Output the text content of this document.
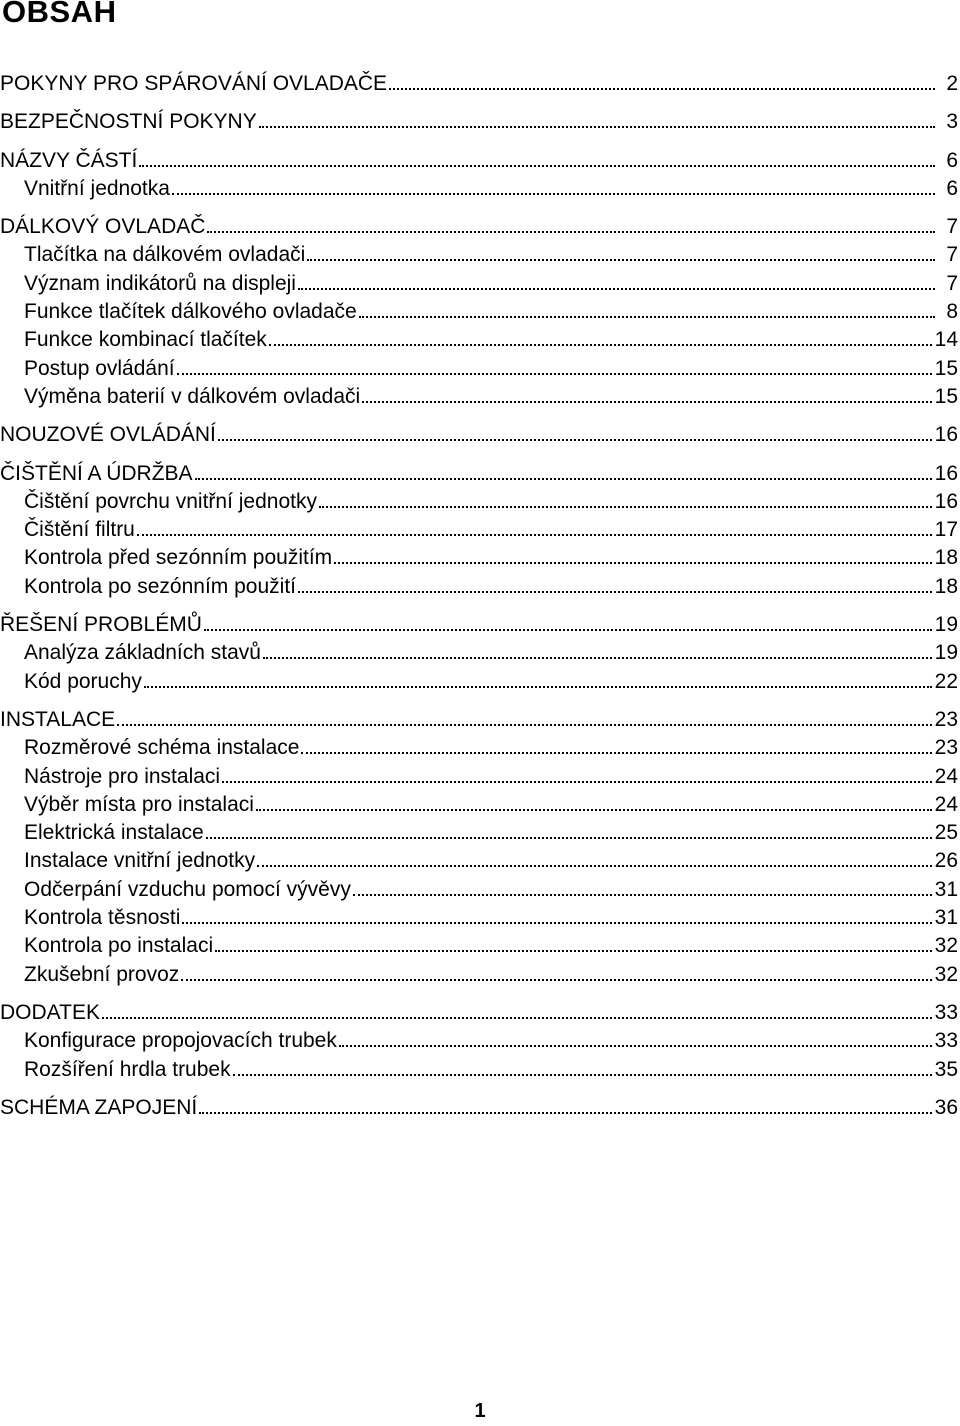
OBSAH
POKYNY PRO SPÁROVÁNÍ OVLADAČE	2
BEZPEČNOSTNÍ POKYNY	3
NÁZVY ČÁSTÍ	6
Vnitřní jednotka	6
DÁLKOVÝ OVLADAČ	7
Tlačítka na dálkovém ovladači	7
Význam indikátorů na displeji	7
Funkce tlačítek dálkového ovladače	8
Funkce kombinací tlačítek	14
Postup ovládání	15
Výměna baterií v dálkovém ovladači	15
NOUZOVÉ OVLÁDÁNÍ	16
ČIŠTĚNÍ A ÚDRŽBA	16
Čištění povrchu vnitřní jednotky	16
Čištění filtru	17
Kontrola před sezónním použitím	18
Kontrola po sezónním použití	18
ŘEŠENÍ PROBLÉMŮ	19
Analýza základních stavů	19
Kód poruchy	22
INSTALACE	23
Rozměrové schéma instalace	23
Nástroje pro instalaci	24
Výběr místa pro instalaci	24
Elektrická instalace	25
Instalace vnitřní jednotky	26
Odčerpání vzduchu pomocí vývěvy	31
Kontrola těsnosti	31
Kontrola po instalaci	32
Zkušební provoz	32
DODATEK	33
Konfigurace propojovacích trubek	33
Rozšíření hrdla trubek	35
SCHÉMA ZAPOJENÍ	36
1
